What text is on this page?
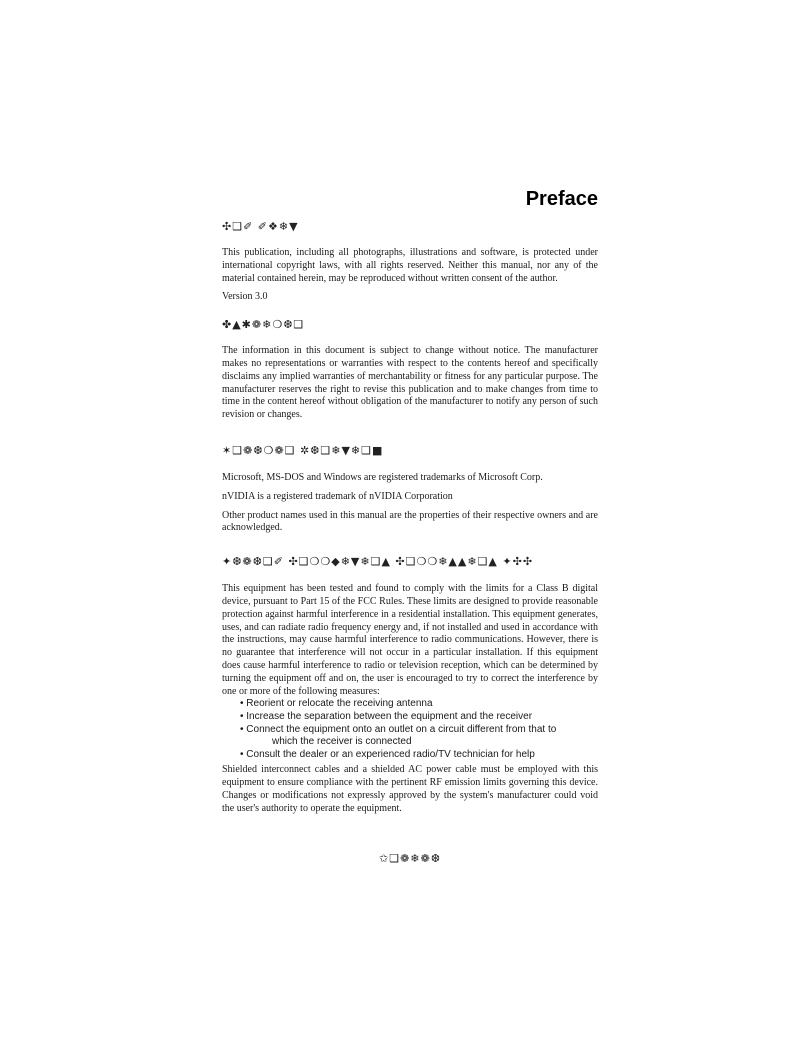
Preface
✣❑✐ ✐❖❄▼

This publication, including all photographs, illustrations and software, is protected under international copyright laws, with all rights reserved. Neither this manual, nor any of the material contained herein, may be reproduced without written consent of the author.

Version 3.0

✤▲✱❁❄❍❆❑

The information in this document is subject to change without notice. The manufacturer makes no representations or warranties with respect to the contents hereof and specifically disclaims any implied warranties of merchantability or fitness for any particular purpose. The manufacturer reserves the right to revise this publication and to make changes from time to time in the content hereof without obligation of the manufacturer to notify any person of such revision or changes.

✶❑❁❆❍❁❑ ✲❆❑❄▼❄❑■

Microsoft, MS-DOS and Windows are registered trademarks of Microsoft Corp.

nVIDIA is a registered trademark of nVIDIA Corporation

Other product names used in this manual are the properties of their respective owners and are acknowledged.

✦❆❁❆❑✐ ✣❑❍❍◆❄▼❄❑▲ ✣❑❍❍❄▲▲❄❑▲ ✦✣✣

This equipment has been tested and found to comply with the limits for a Class B digital device, pursuant to Part 15 of the FCC Rules. These limits are designed to provide reasonable protection against harmful interference in a residential installation. This equipment generates, uses, and can radiate radio frequency energy and, if not installed and used in accordance with the instructions, may cause harmful interference to radio communications. However, there is no guarantee that interference will not occur in a particular installation. If this equipment does cause harmful interference to radio or television reception, which can be determined by turning the equipment off and on, the user is encouraged to try to correct the interference by one or more of the following measures:

• Reorient or relocate the receiving antenna
• Increase the separation between the equipment and the receiver
• Connect the equipment onto an outlet on a circuit different from that to
which the receiver is connected
• Consult the dealer or an experienced radio/TV technician for help

Shielded interconnect cables and a shielded AC power cable must be employed with this equipment to ensure compliance with the pertinent RF emission limits governing this device. Changes or modifications not expressly approved by the system's manufacturer could void the user's authority to operate the equipment.

✩❑❁❄❁❆
